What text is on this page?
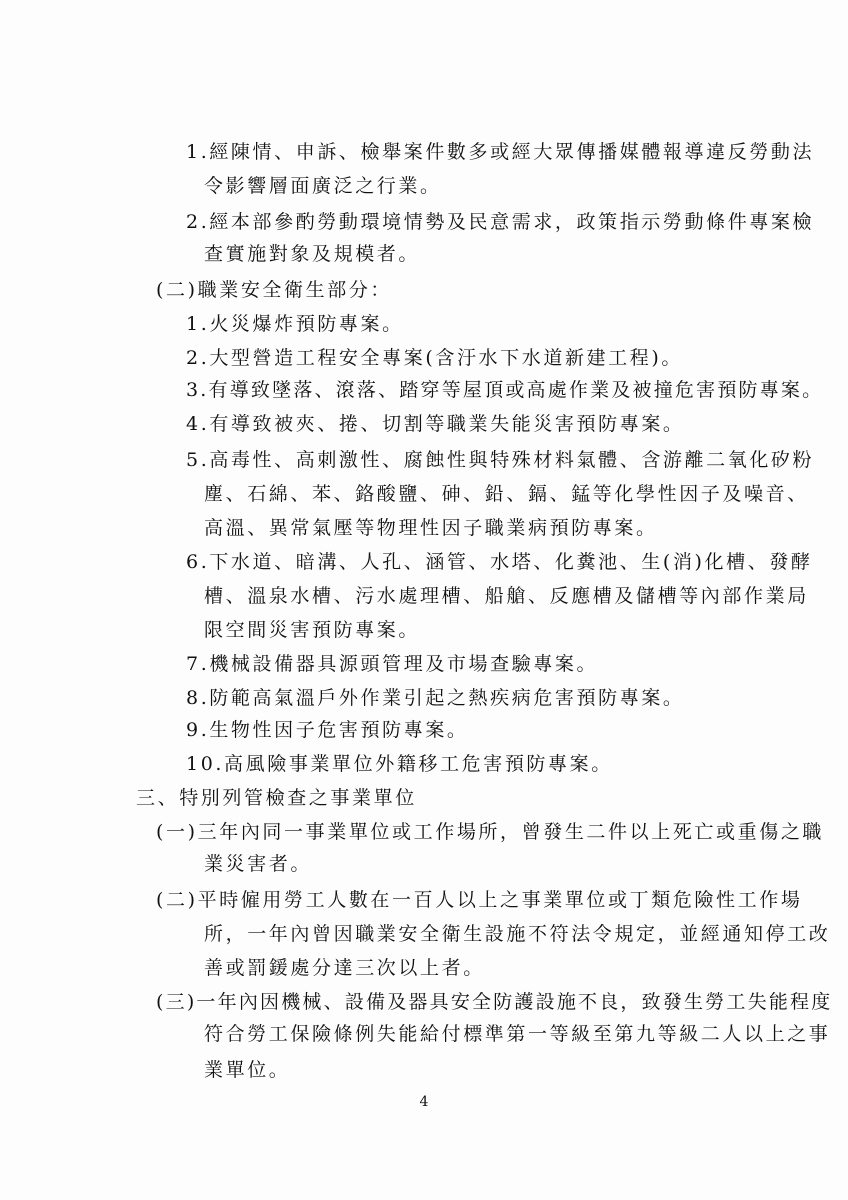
1.經陳情、申訴、檢舉案件數多或經大眾傳播媒體報導違反勞動法
令影響層面廣泛之行業。
2.經本部參酌勞動環境情勢及民意需求，政策指示勞動條件專案檢
查實施對象及規模者。
(二)職業安全衛生部分：
1.火災爆炸預防專案。
2.大型營造工程安全專案(含汙水下水道新建工程)。
3.有導致墜落、滾落、踏穿等屋頂或高處作業及被撞危害預防專案。
4.有導致被夾、捲、切割等職業失能災害預防專案。
5.高毒性、高刺激性、腐蝕性與特殊材料氣體、含游離二氧化矽粉
塵、石綿、苯、鉻酸鹽、砷、鉛、鎘、錳等化學性因子及噪音、
高溫、異常氣壓等物理性因子職業病預防專案。
6.下水道、暗溝、人孔、涵管、水塔、化糞池、生(消)化槽、發酵
槽、溫泉水槽、污水處理槽、船艙、反應槽及儲槽等內部作業局
限空間災害預防專案。
7.機械設備器具源頭管理及市場查驗專案。
8.防範高氣溫戶外作業引起之熱疾病危害預防專案。
9.生物性因子危害預防專案。
10.高風險事業單位外籍移工危害預防專案。
三、特別列管檢查之事業單位
(一)三年內同一事業單位或工作場所，曾發生二件以上死亡或重傷之職
業災害者。
(二)平時僱用勞工人數在一百人以上之事業單位或丁類危險性工作場
所，一年內曾因職業安全衛生設施不符法令規定，並經通知停工改
善或罰鍰處分達三次以上者。
(三)一年內因機械、設備及器具安全防護設施不良，致發生勞工失能程度
符合勞工保險條例失能給付標準第一等級至第九等級二人以上之事
業單位。
4
